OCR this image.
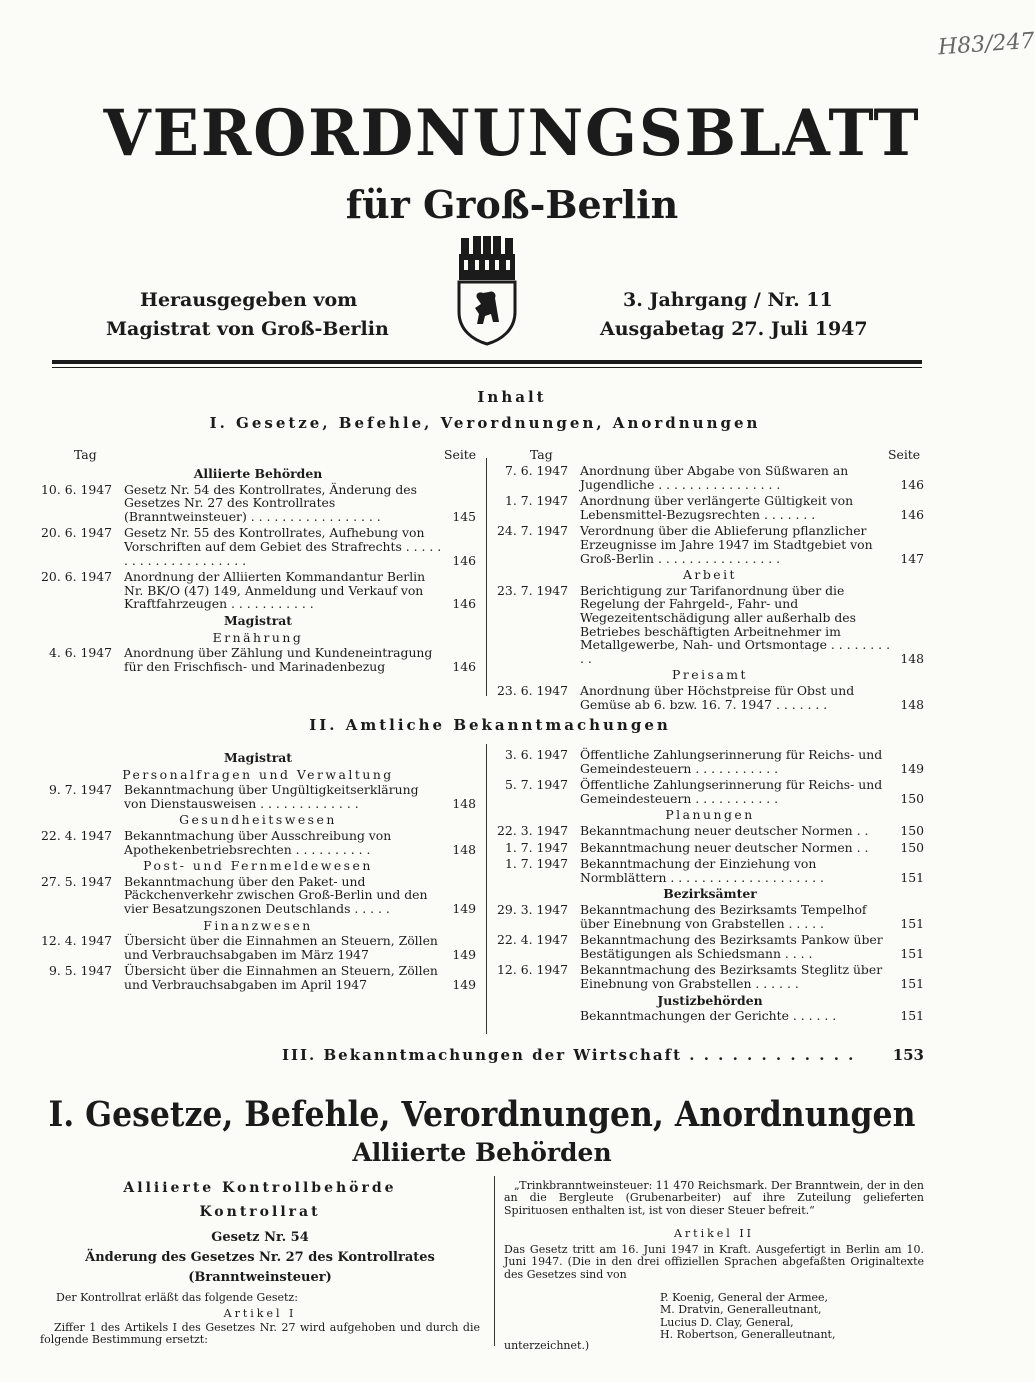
H83/247
VERORDNUNGSBLATT
für Groß-Berlin
Herausgegeben vom
Magistrat von Groß-Berlin
3. Jahrgang / Nr. 11
Ausgabetag 27. Juli 1947
Inhalt
I. Gesetze, Befehle, Verordnungen, Anordnungen
Tag	Seite	Tag	Seite
Alliierte Behörden
10. 6. 1947 Gesetz Nr. 54 des Kontrollrates, Änderung des Gesetzes Nr. 27 des Kontrollrates (Branntweinsteuer) . . . . . . . . . . . . . . . . .	145
20. 6. 1947 Gesetz Nr. 55 des Kontrollrates, Aufhebung von Vorschriften auf dem Gebiet des Strafrechts . . . . . . . . . . . . . . . . . . . . .	146
20. 6. 1947 Anordnung der Alliierten Kommandantur Berlin Nr. BK/O (47) 149, Anmeldung und Verkauf von Kraftfahrzeugen . . . . . . . . . . .	146
Magistrat
Ernährung
4. 6. 1947 Anordnung über Zählung und Kundeneintragung für den Frischfisch- und Marinadenbezug	146
7. 6. 1947 Anordnung über Abgabe von Süßwaren an Jugendliche . . . . . . . . . . . . . . . .	146
1. 7. 1947 Anordnung über verlängerte Gültigkeit von Lebensmittel-Bezugsrechten . . . . . . .	146
24. 7. 1947 Verordnung über die Ablieferung pflanzlicher Erzeugnisse im Jahre 1947 im Stadtgebiet von Groß-Berlin . . . . . . . . . . . . . . . .	147
Arbeit
23. 7. 1947 Berichtigung zur Tarifanordnung über die Regelung der Fahrgeld-, Fahr- und Wegezeitentschädigung aller außerhalb des Betriebes beschäftigten Arbeitnehmer im Metallgewerbe, Nah- und Ortsmontage . . . . . . . . . .	148
Preisamt
23. 6. 1947 Anordnung über Höchstpreise für Obst und Gemüse ab 6. bzw. 16. 7. 1947 . . . . . . .	148
II. Amtliche Bekanntmachungen
Magistrat
Personalfragen und Verwaltung
9. 7. 1947 Bekanntmachung über Ungültigkeitserklärung von Dienstausweisen . . . . . . . . . . . . .	148
Gesundheitswesen
22. 4. 1947 Bekanntmachung über Ausschreibung von Apothekenbetriebsrechten . . . . . . . . . .	148
Post- und Fernmeldewesen
27. 5. 1947 Bekanntmachung über den Paket- und Päckchenverkehr zwischen Groß-Berlin und den vier Besatzungszonen Deutschlands . . . . .	149
Finanzwesen
12. 4. 1947 Übersicht über die Einnahmen an Steuern, Zöllen und Verbrauchsabgaben im März 1947	149
9. 5. 1947 Übersicht über die Einnahmen an Steuern, Zöllen und Verbrauchsabgaben im April 1947	149
3. 6. 1947 Öffentliche Zahlungserinnerung für Reichs- und Gemeindesteuern . . . . . . . . . . .	149
5. 7. 1947 Öffentliche Zahlungserinnerung für Reichs- und Gemeindesteuern . . . . . . . . . . .	150
Planungen
22. 3. 1947 Bekanntmachung neuer deutscher Normen . .	150
1. 7. 1947 Bekanntmachung neuer deutscher Normen . .	150
1. 7. 1947 Bekanntmachung der Einziehung von Normblättern . . . . . . . . . . . . . . . . . . . .	151
Bezirksämter
29. 3. 1947 Bekanntmachung des Bezirksamts Tempelhof über Einebnung von Grabstellen . . . . .	151
22. 4. 1947 Bekanntmachung des Bezirksamts Pankow über Bestätigungen als Schiedsmann . . . .	151
12. 6. 1947 Bekanntmachung des Bezirksamts Steglitz über Einebnung von Grabstellen . . . . . .	151
Justizbehörden
Bekanntmachungen der Gerichte . . . . . .	151
III. Bekanntmachungen der Wirtschaft . . . . . . . . . . . . 153
I. Gesetze, Befehle, Verordnungen, Anordnungen
Alliierte Behörden
Alliierte Kontrollbehörde
Kontrollrat
Gesetz Nr. 54
Änderung des Gesetzes Nr. 27 des Kontrollrates
(Branntweinsteuer)
Der Kontrollrat erläßt das folgende Gesetz:
Artikel I
Ziffer 1 des Artikels I des Gesetzes Nr. 27 wird aufgehoben und durch die folgende Bestimmung ersetzt:
„Trinkbranntweinsteuer: 11 470 Reichsmark. Der Branntwein, der in den an die Bergleute (Grubenarbeiter) auf ihre Zuteilung gelieferten Spirituosen enthalten ist, ist von dieser Steuer befreit.“
Artikel II
Das Gesetz tritt am 16. Juni 1947 in Kraft. Ausgefertigt in Berlin am 10. Juni 1947. (Die in den drei offiziellen Sprachen abgefaßten Originaltexte des Gesetzes sind von
P. Koenig, General der Armee,
M. Dratvin, Generalleutnant,
Lucius D. Clay, General,
H. Robertson, Generalleutnant,
unterzeichnet.)
